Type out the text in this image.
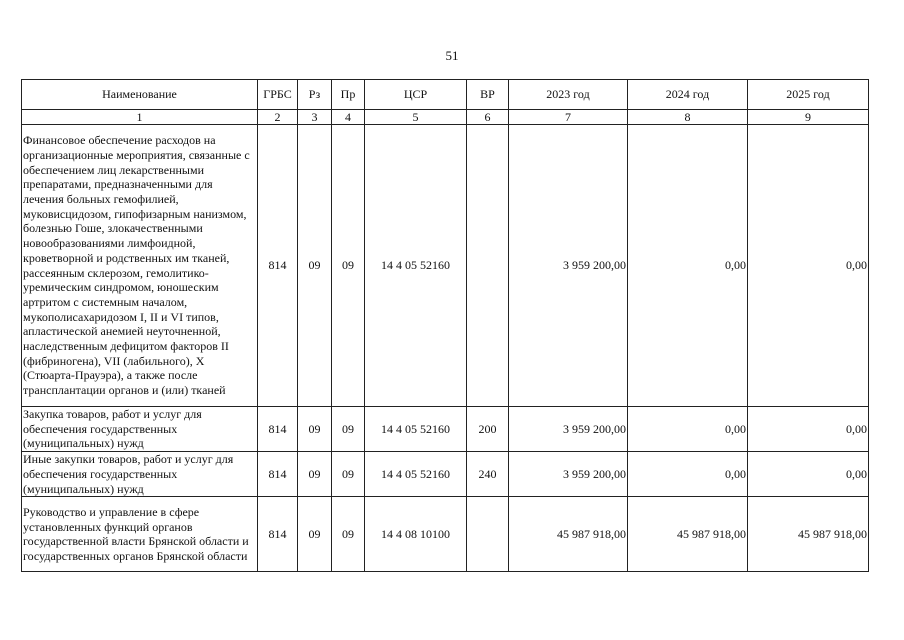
51
Наименование	ГРБС	Рз	Пр	ЦСР	ВР	2023 год	2024 год	2025 год
1	2	3	4	5	6	7	8	9
Финансовое обеспечение расходов на организационные мероприятия, связанные с обеспечением лиц лекарственными препаратами, предназначенными для лечения больных гемофилией, муковисцидозом, гипофизарным нанизмом, болезнью Гоше, злокачественными новообразованиями лимфоидной, кроветворной и родственных им тканей, рассеянным склерозом, гемолитико-уремическим синдромом, юношеским артритом с системным началом, мукополисахаридозом I, II и VI типов, апластической анемией неуточненной, наследственным дефицитом факторов II (фибриногена), VII (лабильного), X (Стюарта-Прауэра), а также после трансплантации органов и (или) тканей	814	09	09	14 4 05 52160		3 959 200,00	0,00	0,00
Закупка товаров, работ и услуг для обеспечения государственных (муниципальных) нужд	814	09	09	14 4 05 52160	200	3 959 200,00	0,00	0,00
Иные закупки товаров, работ и услуг для обеспечения государственных (муниципальных) нужд	814	09	09	14 4 05 52160	240	3 959 200,00	0,00	0,00
Руководство и управление в сфере установленных функций органов государственной власти Брянской области и государственных органов Брянской области	814	09	09	14 4 08 10100		45 987 918,00	45 987 918,00	45 987 918,00
